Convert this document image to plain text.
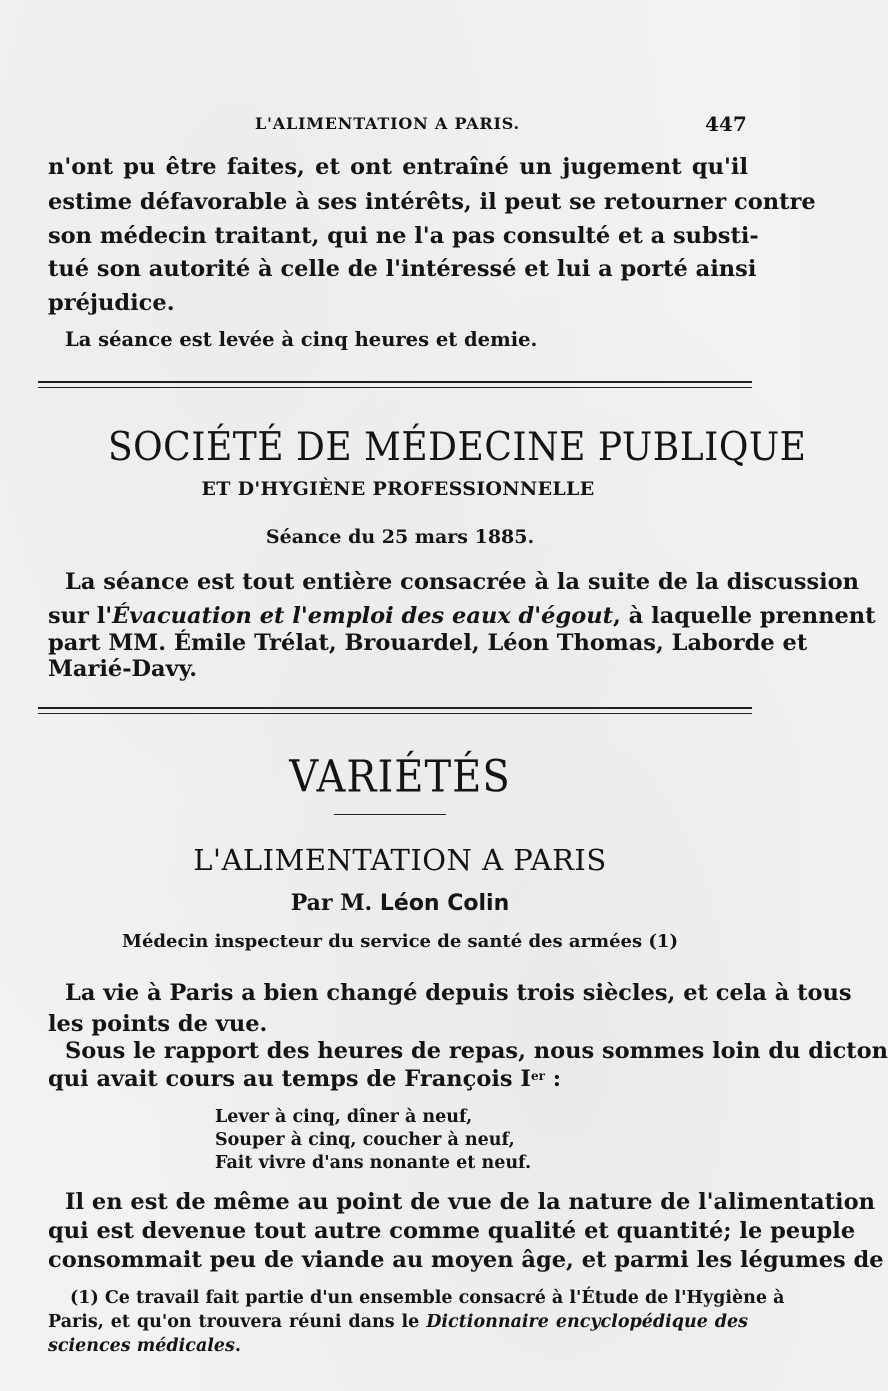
L'ALIMENTATION A PARIS.	447
n'ont pu être faites, et ont entraîné un jugement qu'il
estime défavorable à ses intérêts, il peut se retourner contre
son médecin traitant, qui ne l'a pas consulté et a substi-
tué son autorité à celle de l'intéressé et lui a porté ainsi
préjudice.
La séance est levée à cinq heures et demie.
SOCIÉTÉ DE MÉDECINE PUBLIQUE
ET D'HYGIÈNE PROFESSIONNELLE
Séance du 25 mars 1885.
La séance est tout entière consacrée à la suite de la discussion
sur l'Évacuation et l'emploi des eaux d'égout, à laquelle prennent
part MM. Émile Trélat, Brouardel, Léon Thomas, Laborde et
Marié-Davy.
VARIÉTÉS
L'ALIMENTATION A PARIS
Par M. Léon Colin
Médecin inspecteur du service de santé des armées (1)
La vie à Paris a bien changé depuis trois siècles, et cela à tous
les points de vue.
Sous le rapport des heures de repas, nous sommes loin du dicton
qui avait cours au temps de François Ier :
Lever à cinq, dîner à neuf,
Souper à cinq, coucher à neuf,
Fait vivre d'ans nonante et neuf.
Il en est de même au point de vue de la nature de l'alimentation
qui est devenue tout autre comme qualité et quantité; le peuple
consommait peu de viande au moyen âge, et parmi les légumes de
(1) Ce travail fait partie d'un ensemble consacré à l'Étude de l'Hygiène à
Paris, et qu'on trouvera réuni dans le Dictionnaire encyclopédique des
sciences médicales.
